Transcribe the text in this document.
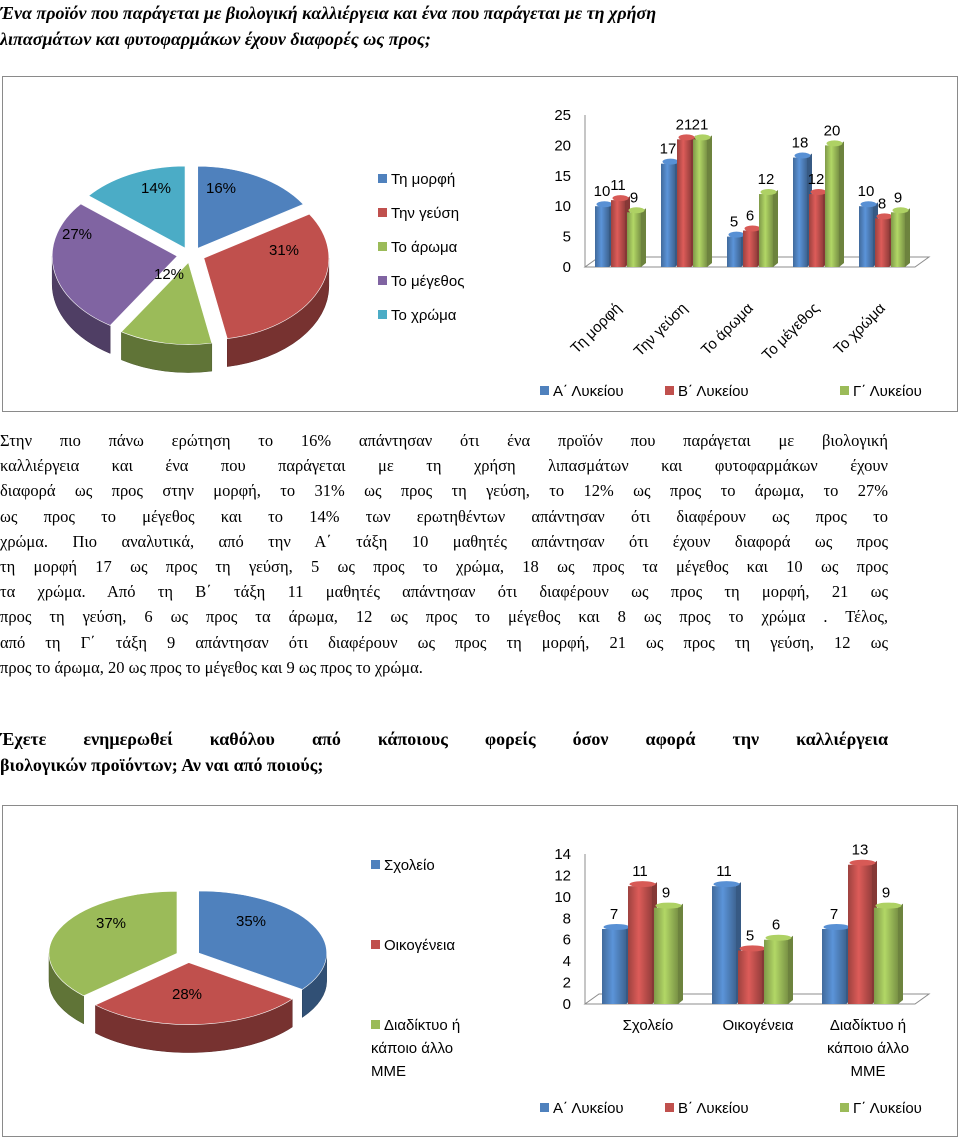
Ένα προϊόν που παράγεται με βιολογική καλλιέργεια και ένα που παράγεται με τη χρήση
λιπασμάτων και φυτοφαρμάκων έχουν διαφορές ως προς;
16%
31%
12%
27%
14%
Τη μορφή
Την γεύση
Το άρωμα
Το μέγεθος
Το χρώμα
0
5
10
15
20
25
10
17
5
18
10
11
21
6
12
8
9
21
12
20
9
Τη μορφή Την γεύση Το άρωμα Το μέγεθος Το χρώμα
Α΄ Λυκείου	Β΄ Λυκείου	Γ΄ Λυκείου
Στην πιο πάνω ερώτηση το 16% απάντησαν ότι ένα προϊόν που παράγεται με βιολογική
καλλιέργεια και ένα που παράγεται με τη χρήση λιπασμάτων και φυτοφαρμάκων έχουν
διαφορά ως προς στην μορφή, το 31% ως προς τη γεύση, το 12% ως προς το άρωμα, το 27%
ως προς το μέγεθος και το 14% των ερωτηθέντων απάντησαν ότι διαφέρουν ως προς το
χρώμα. Πιο αναλυτικά, από την Α΄ τάξη 10 μαθητές απάντησαν ότι έχουν διαφορά ως προς
τη μορφή 17 ως προς τη γεύση, 5 ως προς το χρώμα, 18 ως προς τα μέγεθος και 10 ως προς
τα χρώμα. Από τη Β΄ τάξη 11 μαθητές απάντησαν ότι διαφέρουν ως προς τη μορφή, 21 ως
προς τη γεύση, 6 ως προς τα άρωμα, 12 ως προς το μέγεθος και 8 ως προς το χρώμα . Τέλος,
από τη Γ΄ τάξη 9 απάντησαν ότι διαφέρουν ως προς τη μορφή, 21 ως προς τη γεύση, 12 ως
προς το άρωμα, 20 ως προς το μέγεθος και 9 ως προς το χρώμα.
Έχετε ενημερωθεί καθόλου από κάποιους φορείς όσον αφορά την καλλιέργεια
βιολογικών προϊόντων; Αν ναι από ποιούς;
35%
28%
37%
Σχολείο
Οικογένεια
Διαδίκτυο ή
κάποιο άλλο
ΜΜΕ

0
2
4
6
8
10
12
14
7
11
7
11
5
13
9
6
9
Σχολείο	Οικογένεια Διαδίκτυο ή
κάποιο άλλο
ΜΜΕ
Α΄ Λυκείου	Β΄ Λυκείου	Γ΄ Λυκείου
